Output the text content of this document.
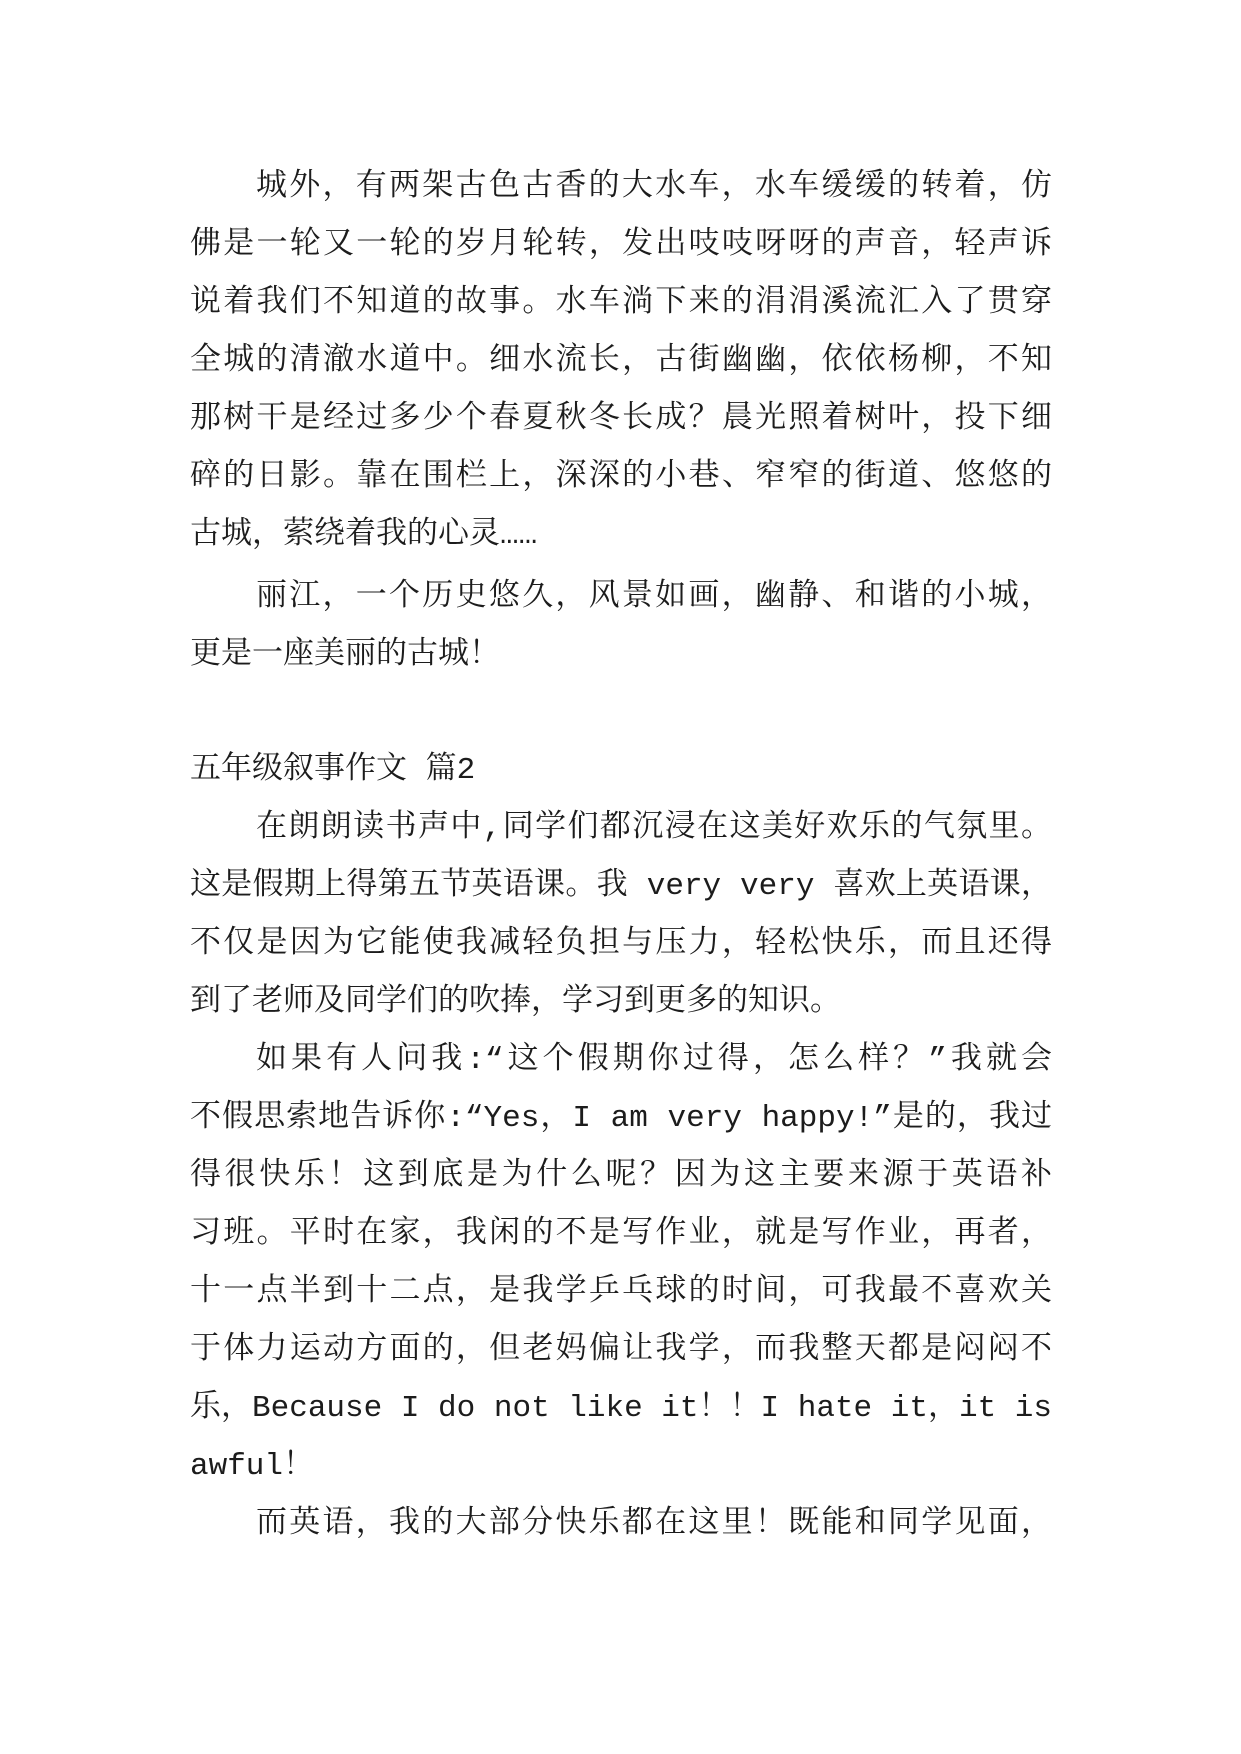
城外，有两架古色古香的大水车，水车缓缓的转着，仿
佛是一轮又一轮的岁月轮转，发出吱吱呀呀的声音，轻声诉
说着我们不知道的故事。水车淌下来的涓涓溪流汇入了贯穿
全城的清澈水道中。细水流长，古街幽幽，依依杨柳，不知
那树干是经过多少个春夏秋冬长成？晨光照着树叶，投下细
碎的日影。靠在围栏上，深深的小巷、窄窄的街道、悠悠的
古城，萦绕着我的心灵……
丽江，一个历史悠久，风景如画，幽静、和谐的小城，
更是一座美丽的古城！
五年级叙事作文 篇2
在朗朗读书声中,同学们都沉浸在这美好欢乐的气氛里。
这是假期上得第五节英语课。我 very very 喜欢上英语课，
不仅是因为它能使我减轻负担与压力，轻松快乐，而且还得
到了老师及同学们的吹捧，学习到更多的知识。
如果有人问我:“这个假期你过得，怎么样？”我就会
不假思索地告诉你:“Yes，I am very happy!”是的，我过
得很快乐！这到底是为什么呢？因为这主要来源于英语补
习班。平时在家，我闲的不是写作业，就是写作业，再者，
十一点半到十二点，是我学乒乓球的时间，可我最不喜欢关
于体力运动方面的，但老妈偏让我学，而我整天都是闷闷不
乐，Because I do not like it！！I hate it，it is
awful！
而英语，我的大部分快乐都在这里！既能和同学见面，
